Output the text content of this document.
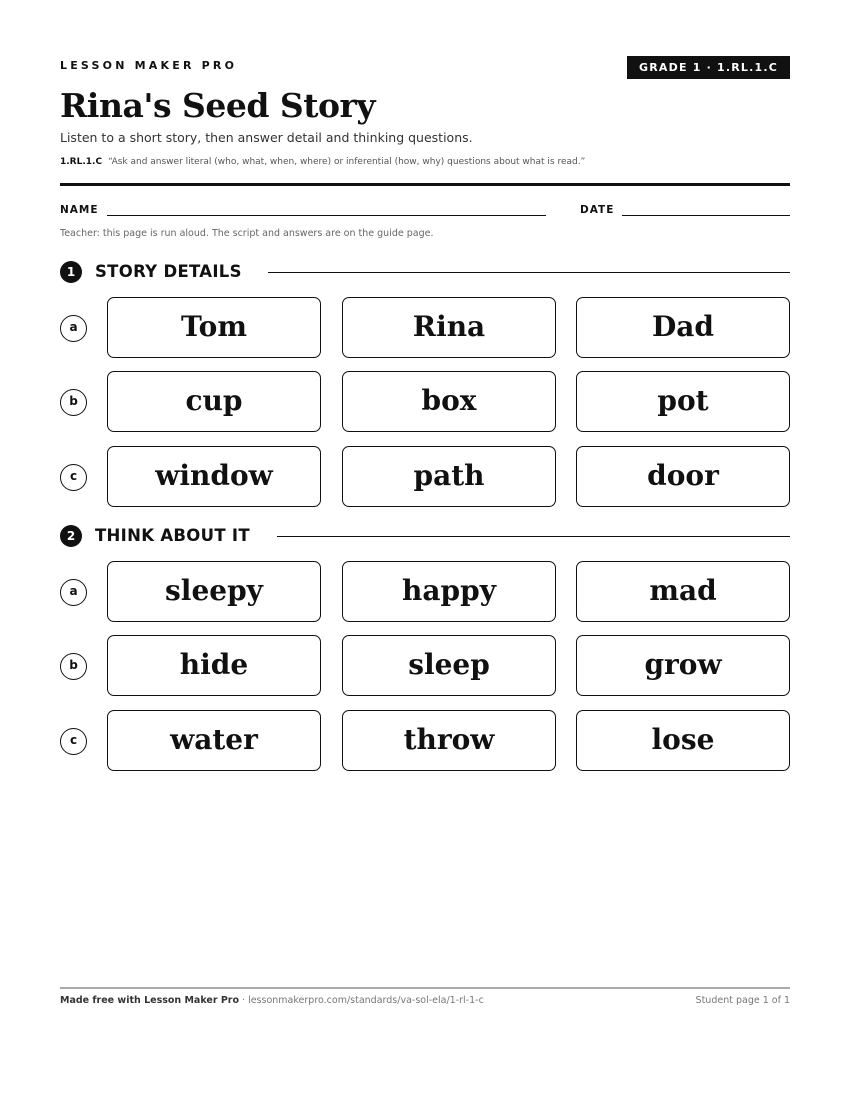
LESSON MAKER PRO	GRADE 1 · 1.RL.1.C
Rina's Seed Story

Listen to a short story, then answer detail and thinking questions.

1.RL.1.C “Ask and answer literal (who, what, when, where) or inferential (how, why) questions about what is read.”

NAME	DATE

Teacher: this page is run aloud. The script and answers are on the guide page.

1	STORY DETAILS
a	Tom	Rina	Dad
b	cup	box	pot
c	window	path	door
2	THINK ABOUT IT
a	sleepy	happy	mad
b	hide	sleep	grow
c	water	throw	lose
Made free with Lesson Maker Pro · lessonmakerpro.com/standards/va-sol-ela/1-rl-1-c	Student page 1 of 1
